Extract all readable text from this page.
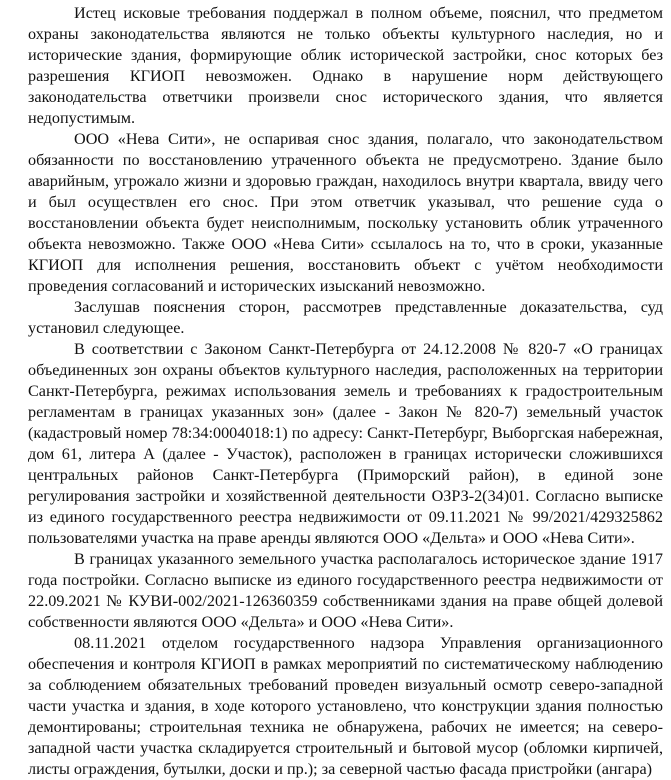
Истец исковые требования поддержал в полном объеме, пояснил, что предметом охраны законодательства являются не только объекты культурного наследия, но и исторические здания, формирующие облик исторической застройки, снос которых без разрешения КГИОП невозможен. Однако в нарушение норм действующего законодательства ответчики произвели снос исторического здания, что является недопустимым.

ООО «Нева Сити», не оспаривая снос здания, полагало, что законодательством обязанности по восстановлению утраченного объекта не предусмотрено. Здание было аварийным, угрожало жизни и здоровью граждан, находилось внутри квартала, ввиду чего и был осуществлен его снос. При этом ответчик указывал, что решение суда о восстановлении объекта будет неисполнимым, поскольку установить облик утраченного объекта невозможно. Также ООО «Нева Сити» ссылалось на то, что в сроки, указанные КГИОП для исполнения решения, восстановить объект с учётом необходимости проведения согласований и исторических изысканий невозможно.

Заслушав пояснения сторон, рассмотрев представленные доказательства, суд установил следующее.

В соответствии с Законом Санкт-Петербурга от 24.12.2008 № 820-7 «О границах объединенных зон охраны объектов культурного наследия, расположенных на территории Санкт-Петербурга, режимах использования земель и требованиях к градостроительным регламентам в границах указанных зон» (далее - Закон № 820-7) земельный участок (кадастровый номер 78:34:0004018:1) по адресу: Санкт-Петербург, Выборгская набережная, дом 61, литера А (далее - Участок), расположен в границах исторически сложившихся центральных районов Санкт-Петербурга (Приморский район), в единой зоне регулирования застройки и хозяйственной деятельности ОЗРЗ-2(34)01. Согласно выписке из единого государственного реестра недвижимости от 09.11.2021 № 99/2021/429325862 пользователями участка на праве аренды являются ООО «Дельта» и ООО «Нева Сити».

В границах указанного земельного участка располагалось историческое здание 1917 года постройки. Согласно выписке из единого государственного реестра недвижимости от 22.09.2021 № КУВИ-002/2021-126360359 собственниками здания на праве общей долевой собственности являются ООО «Дельта» и ООО «Нева Сити».

08.11.2021 отделом государственного надзора Управления организационного обеспечения и контроля КГИОП в рамках мероприятий по систематическому наблюдению за соблюдением обязательных требований проведен визуальный осмотр северо-западной части участка и здания, в ходе которого установлено, что конструкции здания полностью демонтированы; строительная техника не обнаружена, рабочих не имеется; на северо-западной части участка складируется строительный и бытовой мусор (обломки кирпичей, листы ограждения, бутылки, доски и пр.); за северной частью фасада пристройки (ангара)
